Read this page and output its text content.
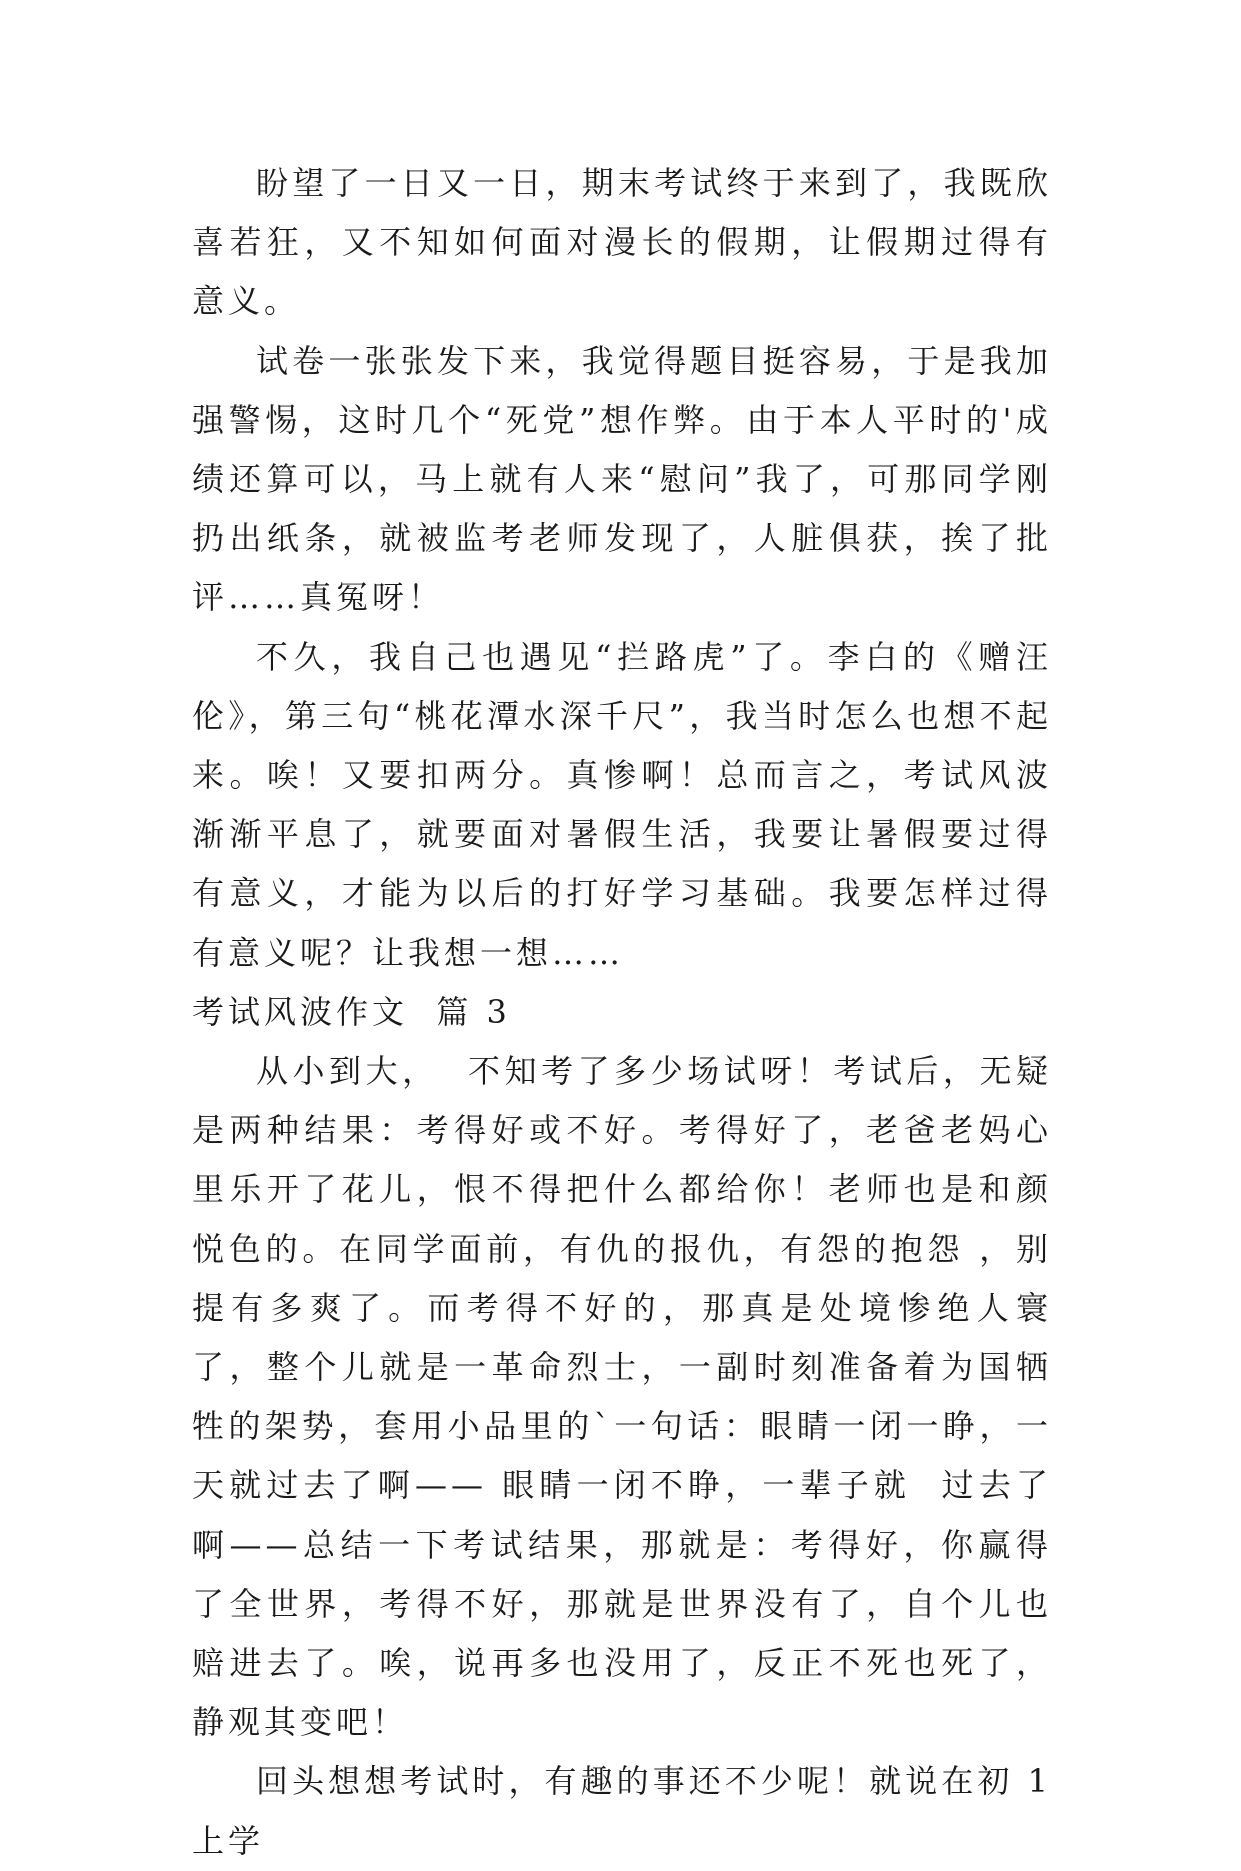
盼望了一日又一日，期末考试终于来到了，我既欣喜若狂，又不知如何面对漫长的假期，让假期过得有意义。

试卷一张张发下来，我觉得题目挺容易，于是我加强警惕，这时几个“死党”想作弊。由于本人平时的'成绩还算可以，马上就有人来“慰问”我了，可那同学刚扔出纸条，就被监考老师发现了，人脏俱获，挨了批评……真冤呀！

不久，我自己也遇见“拦路虎”了。李白的《赠汪伦》，第三句“桃花潭水深千尺”，我当时怎么也想不起来。唉！又要扣两分。真惨啊！总而言之，考试风波渐渐平息了，就要面对暑假生活，我要让暑假要过得有意义，才能为以后的打好学习基础。我要怎样过得有意义呢？让我想一想……

考试风波作文  篇 3

从小到大，  不知考了多少场试呀！考试后，无疑是两种结果：考得好或不好。考得好了，老爸老妈心里乐开了花儿，恨不得把什么都给你！老师也是和颜悦色的。在同学面前，有仇的报仇，有怨的抱怨 ，别提有多爽了。而考得不好的，那真是处境惨绝人寰了，整个儿就是一革命烈士，一副时刻准备着为国牺牲的架势，套用小品里的`一句话：眼睛一闭一睁，一天就过去了啊—— 眼睛一闭不睁，一辈子就  过去了啊——总结一下考试结果，那就是：考得好，你赢得了全世界，考得不好，那就是世界没有了，自个儿也赔进去了。唉，说再多也没用了，反正不死也死了，静观其变吧！

回头想想考试时，有趣的事还不少呢！就说在初 1 上学
